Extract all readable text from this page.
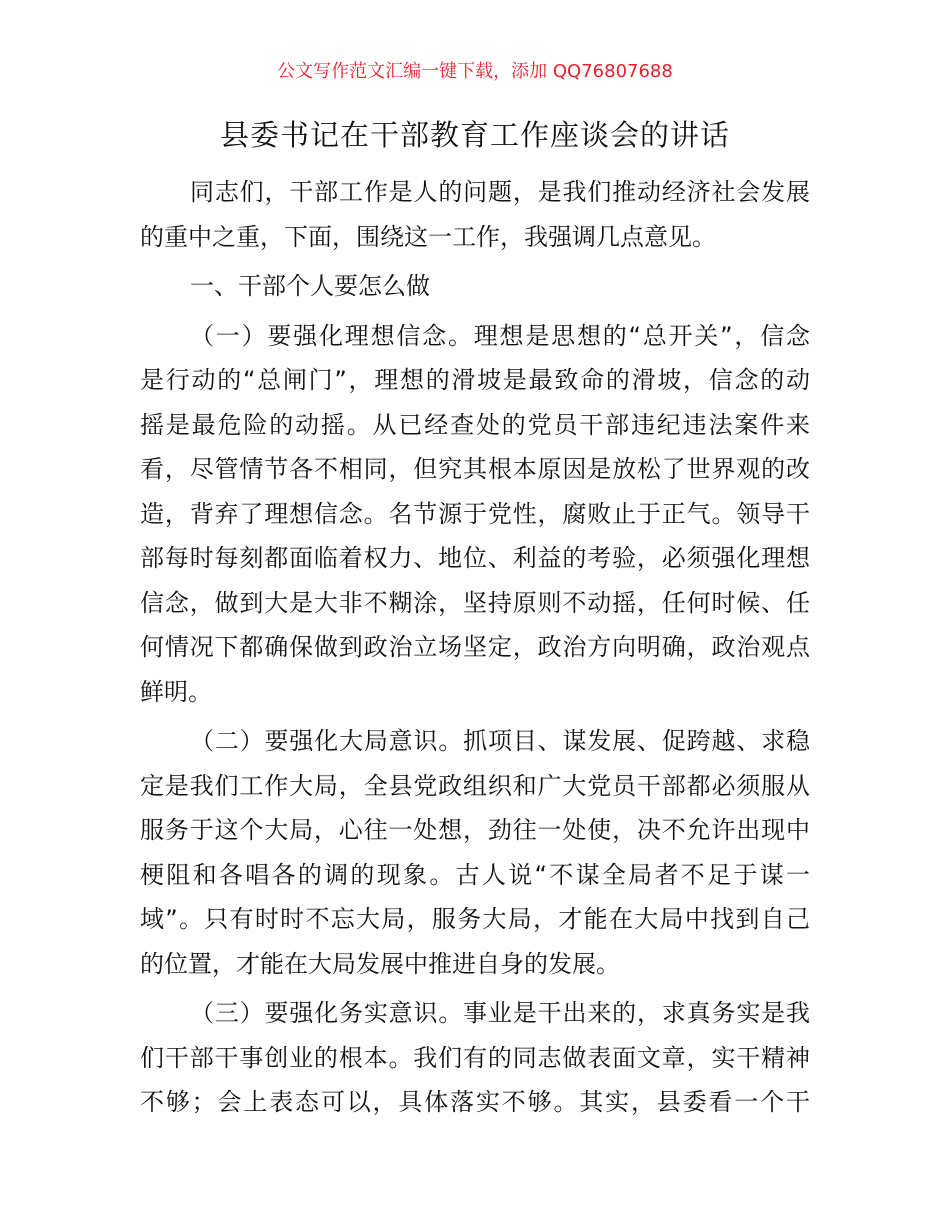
公文写作范文汇编一键下载，添加 QQ76807688
县委书记在干部教育工作座谈会的讲话
同志们，干部工作是人的问题，是我们推动经济社会发展
的重中之重，下面，围绕这一工作，我强调几点意见。
一、干部个人要怎么做
（一）要强化理想信念。理想是思想的“总开关”，信念
是行动的“总闸门”，理想的滑坡是最致命的滑坡，信念的动
摇是最危险的动摇。从已经查处的党员干部违纪违法案件来
看，尽管情节各不相同，但究其根本原因是放松了世界观的改
造，背弃了理想信念。名节源于党性，腐败止于正气。领导干
部每时每刻都面临着权力、地位、利益的考验，必须强化理想
信念，做到大是大非不糊涂，坚持原则不动摇，任何时候、任
何情况下都确保做到政治立场坚定，政治方向明确，政治观点
鲜明。
（二）要强化大局意识。抓项目、谋发展、促跨越、求稳
定是我们工作大局，全县党政组织和广大党员干部都必须服从
服务于这个大局，心往一处想，劲往一处使，决不允许出现中
梗阻和各唱各的调的现象。古人说“不谋全局者不足于谋一
域”。只有时时不忘大局，服务大局，才能在大局中找到自己
的位置，才能在大局发展中推进自身的发展。
（三）要强化务实意识。事业是干出来的，求真务实是我
们干部干事创业的根本。我们有的同志做表面文章，实干精神
不够；会上表态可以，具体落实不够。其实，县委看一个干
